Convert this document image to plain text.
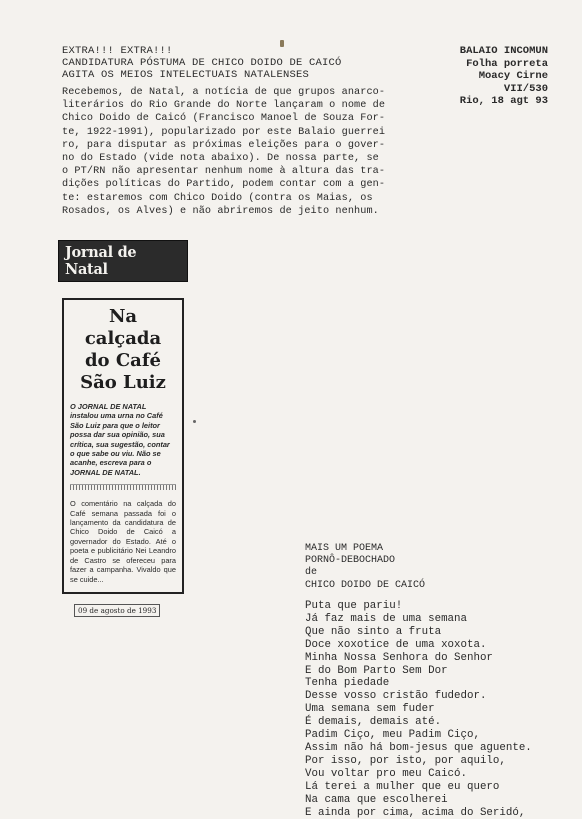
EXTRA!!! EXTRA!!!
CANDIDATURA PÓSTUMA DE CHICO DOIDO DE CAICÓ
AGITA OS MEIOS INTELECTUAIS NATALENSES
BALAIO INCOMUN
Folha porreta
Moacy Cirne
VII/530
Rio, 18 agt 93

Recebemos, de Natal, a notícia de que grupos anarco-

literários do Rio Grande do Norte lançaram o nome de

Chico Doido de Caicó (Francisco Manoel de Souza For-

te, 1922-1991), popularizado por este Balaio guerrei

ro, para disputar as próximas eleições para o gover-

no do Estado (vide nota abaixo). De nossa parte, se

o PT/RN não apresentar nenhum nome à altura das tra-

dições políticas do Partido, podem contar com a gen-

te: estaremos com Chico Doido (contra os Maias, os

Rosados, os Alves) e não abriremos de jeito nenhum.

Jornal de Natal
Na calçada do Café São Luiz
O JORNAL DE NATAL instalou uma urna no Café São Luiz para que o leitor possa dar sua opinião, sua crítica, sua sugestão, contar o que sabe ou viu. Não se acanhe, escreva para o JORNAL DE NATAL.
O comentário na calçada do Café semana passada foi o lançamento da candidatura de Chico Doido de Caicó a governador do Estado. Até o poeta e publicitário Nei Leandro de Castro se ofereceu para fazer a campanha. Vivaldo que se cuide...
09 de agosto de 1993
MAIS UM POEMA
PORNÔ-DEBOCHADO
de
CHICO DOIDO DE CAICÓ
Puta que pariu!
Já faz mais de uma semana
Que não sinto a fruta
Doce xoxotice de uma xoxota.
Minha Nossa Senhora do Senhor
E do Bom Parto Sem Dor
Tenha piedade
Desse vosso cristão fudedor.
Uma semana sem fuder
É demais, demais até.
Padim Ciço, meu Padim Ciço,
Assim não há bom-jesus que aguente.
Por isso, por isto, por aquilo,
Vou voltar pro meu Caicó.
Lá terei a mulher que eu quero
Na cama que escolherei
E ainda por cima, acima do Seridó,
